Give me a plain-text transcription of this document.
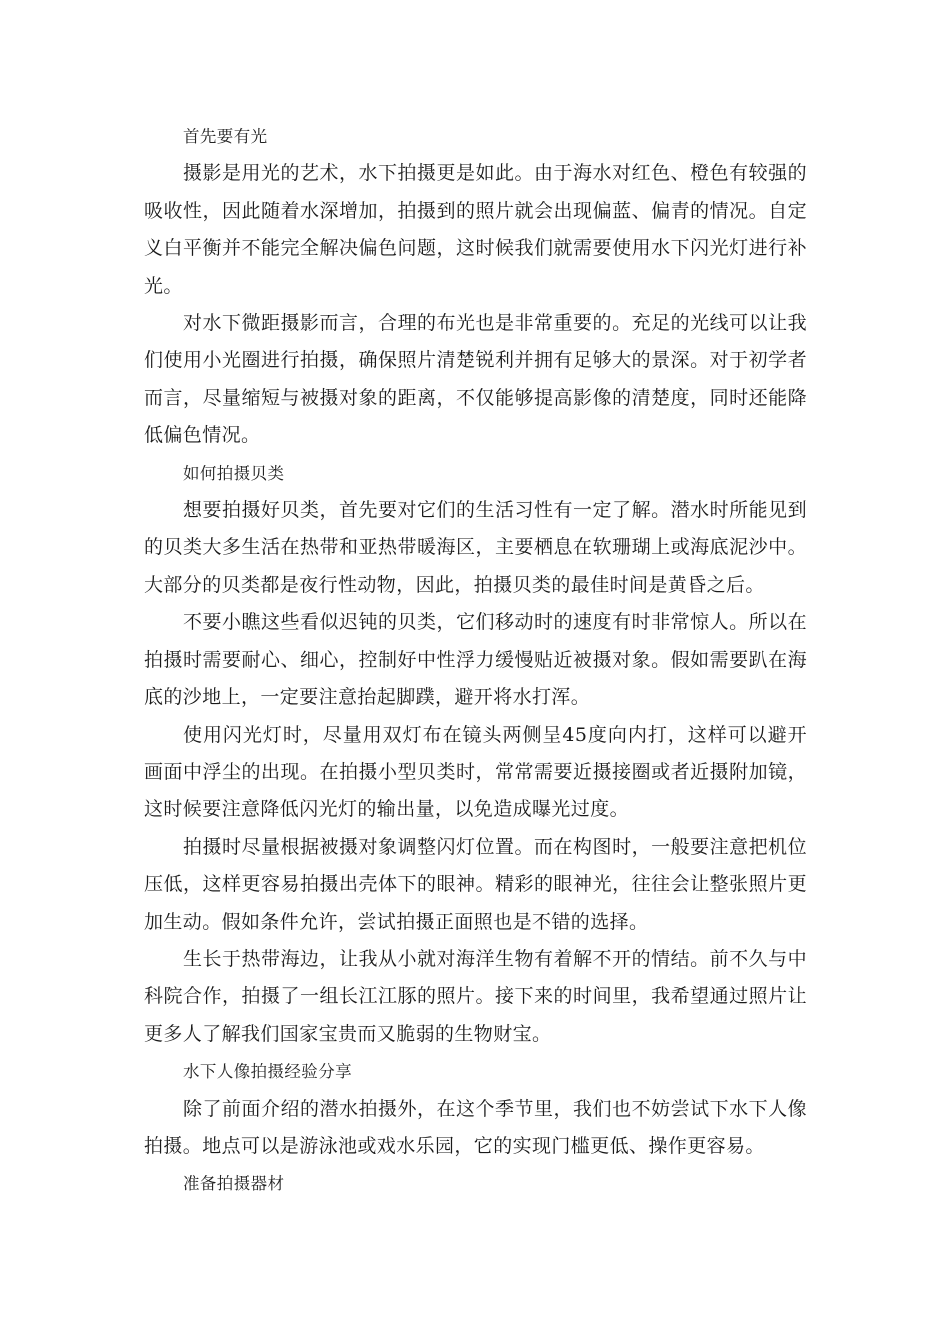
首先要有光

摄影是用光的艺术，水下拍摄更是如此。由于海水对红色、橙色有较强的吸收性，因此随着水深增加，拍摄到的照片就会出现偏蓝、偏青的情况。自定义白平衡并不能完全解决偏色问题，这时候我们就需要使用水下闪光灯进行补光。

对水下微距摄影而言，合理的布光也是非常重要的。充足的光线可以让我们使用小光圈进行拍摄，确保照片清楚锐利并拥有足够大的景深。对于初学者而言，尽量缩短与被摄对象的距离，不仅能够提高影像的清楚度，同时还能降低偏色情况。

如何拍摄贝类

想要拍摄好贝类，首先要对它们的生活习性有一定了解。潜水时所能见到的贝类大多生活在热带和亚热带暖海区，主要栖息在软珊瑚上或海底泥沙中。大部分的贝类都是夜行性动物，因此，拍摄贝类的最佳时间是黄昏之后。

不要小瞧这些看似迟钝的贝类，它们移动时的速度有时非常惊人。所以在拍摄时需要耐心、细心，控制好中性浮力缓慢贴近被摄对象。假如需要趴在海底的沙地上，一定要注意抬起脚蹼，避开将水打浑。

使用闪光灯时，尽量用双灯布在镜头两侧呈45度向内打，这样可以避开画面中浮尘的出现。在拍摄小型贝类时，常常需要近摄接圈或者近摄附加镜，这时候要注意降低闪光灯的输出量，以免造成曝光过度。

拍摄时尽量根据被摄对象调整闪灯位置。而在构图时，一般要注意把机位压低，这样更容易拍摄出壳体下的眼神。精彩的眼神光，往往会让整张照片更加生动。假如条件允许，尝试拍摄正面照也是不错的选择。

生长于热带海边，让我从小就对海洋生物有着解不开的情结。前不久与中科院合作，拍摄了一组长江江豚的照片。接下来的时间里，我希望通过照片让更多人了解我们国家宝贵而又脆弱的生物财宝。

水下人像拍摄经验分享

除了前面介绍的潜水拍摄外，在这个季节里，我们也不妨尝试下水下人像拍摄。地点可以是游泳池或戏水乐园，它的实现门槛更低、操作更容易。

准备拍摄器材
